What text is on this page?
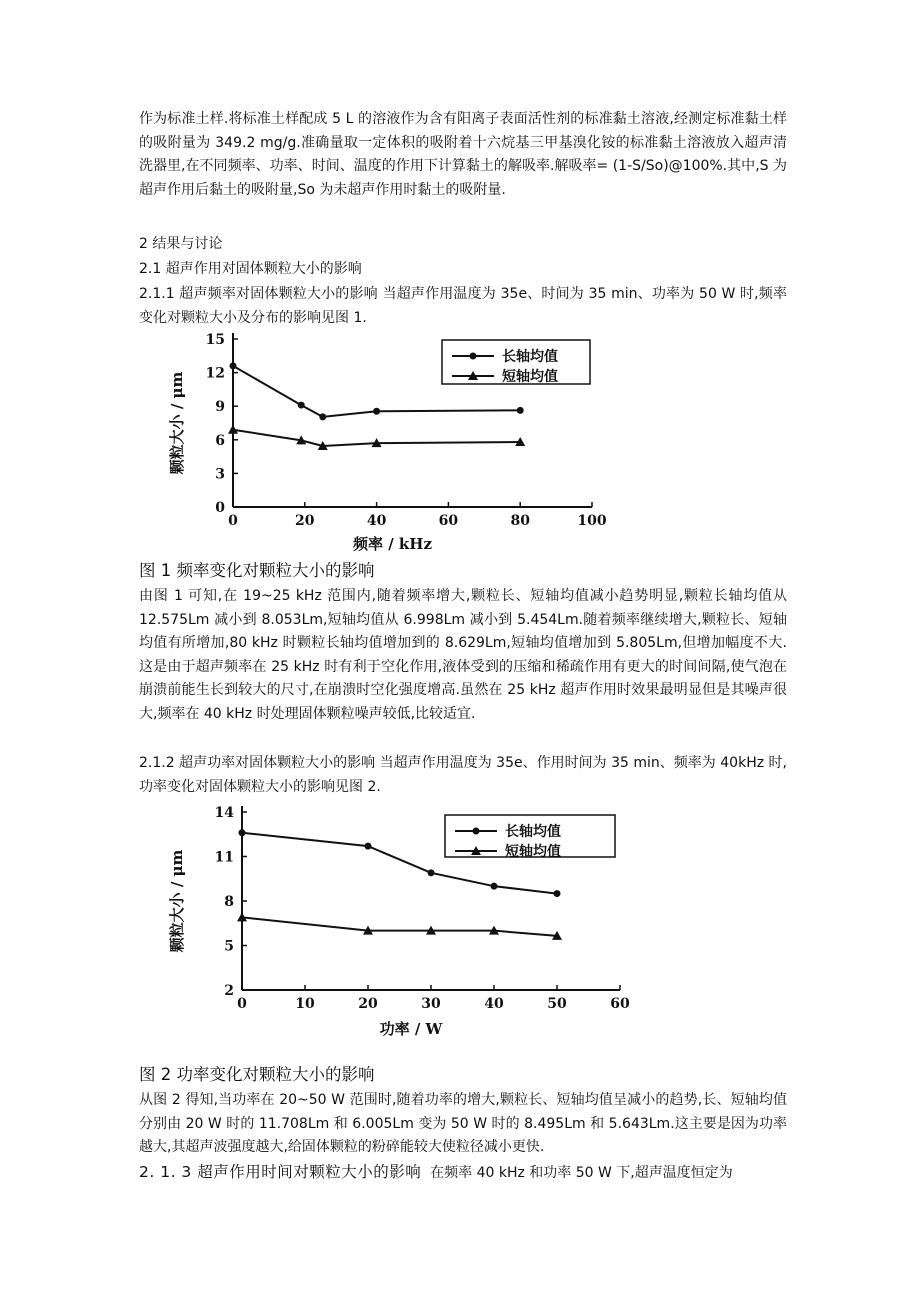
作为标准土样.将标准土样配成 5 L 的溶液作为含有阳离子表面活性剂的标准黏土溶液,经测定标准黏土样的吸附量为 349.2 mg/g.准确量取一定体积的吸附着十六烷基三甲基溴化铵的标准黏土溶液放入超声清洗器里,在不同频率、功率、时间、温度的作用下计算黏土的解吸率.解吸率= (1-S/So)@100%.其中,S 为超声作用后黏土的吸附量,So 为未超声作用时黏土的吸附量.

2 结果与讨论

2.1 超声作用对固体颗粒大小的影响

2.1.1 超声频率对固体颗粒大小的影响 当超声作用温度为 35e、时间为 35 min、功率为 50 W 时,频率变化对颗粒大小及分布的影响见图 1.

0	20	40	60	80	100
0
3
6
9
12
15
频率 / kHz
颗粒大小 / μm
长轴均值
短轴均值

图 1 频率变化对颗粒大小的影响

由图 1 可知,在 19~25 kHz 范围内,随着频率增大,颗粒长、短轴均值减小趋势明显,颗粒长轴均值从 12.575Lm 减小到 8.053Lm,短轴均值从 6.998Lm 减小到 5.454Lm.随着频率继续增大,颗粒长、短轴均值有所增加,80 kHz 时颗粒长轴均值增加到的 8.629Lm,短轴均值增加到 5.805Lm,但增加幅度不大.这是由于超声频率在 25 kHz 时有利于空化作用,液体受到的压缩和稀疏作用有更大的时间间隔,使气泡在崩溃前能生长到较大的尺寸,在崩溃时空化强度增高.虽然在 25 kHz 超声作用时效果最明显但是其噪声很大,频率在 40 kHz 时处理固体颗粒噪声较低,比较适宜.

2.1.2 超声功率对固体颗粒大小的影响 当超声作用温度为 35e、作用时间为 35 min、频率为 40kHz 时,功率变化对固体颗粒大小的影响见图 2.

0	10	20	30	40	50	60
2
5
8
11
14
功率 / W
颗粒大小 / μm
长轴均值
短轴均值

图 2 功率变化对颗粒大小的影响

从图 2 得知,当功率在 20~50 W 范围时,随着功率的增大,颗粒长、短轴均值呈减小的趋势,长、短轴均值分别由 20 W 时的 11.708Lm 和 6.005Lm 变为 50 W 时的 8.495Lm 和 5.643Lm.这主要是因为功率越大,其超声波强度越大,给固体颗粒的粉碎能较大使粒径减小更快.

2. 1. 3 超声作用时间对颗粒大小的影响 在频率 40 kHz 和功率 50 W 下,超声温度恒定为
